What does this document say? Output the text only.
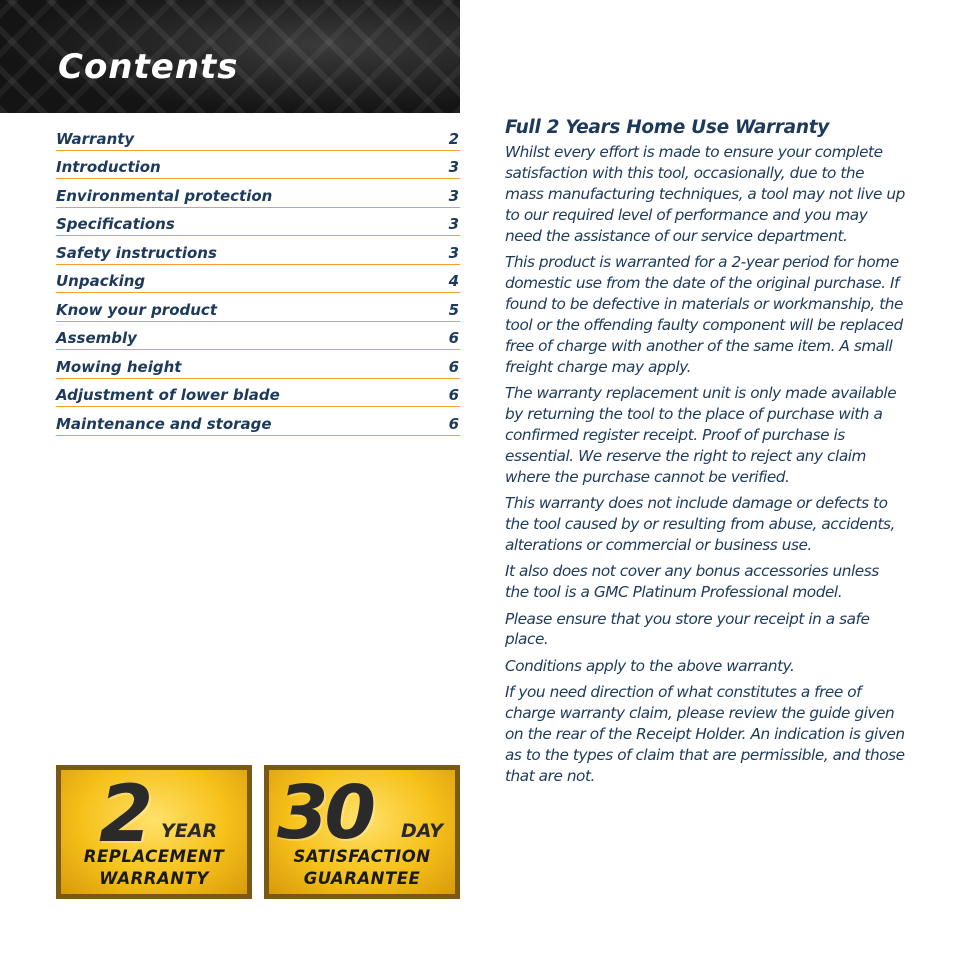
Contents
Warranty	2
Introduction	3
Environmental protection	3
Specifications	3
Safety instructions	3
Unpacking	4
Know your product	5
Assembly	6
Mowing height	6
Adjustment of lower blade	6
Maintenance and storage	6
Full 2 Years Home Use Warranty

Whilst every effort is made to ensure your complete satisfaction with this tool, occasionally, due to the mass manufacturing techniques, a tool may not live up to our required level of performance and you may need the assistance of our service department.

This product is warranted for a 2-year period for home domestic use from the date of the original purchase. If found to be defective in materials or workmanship, the tool or the offending faulty component will be replaced free of charge with another of the same item. A small freight charge may apply.

The warranty replacement unit is only made available by returning the tool to the place of purchase with a confirmed register receipt. Proof of purchase is essential. We reserve the right to reject any claim where the purchase cannot be verified.

This warranty does not include damage or defects to the tool caused by or resulting from abuse, accidents, alterations or commercial or business use.

It also does not cover any bonus accessories unless the tool is a GMC Platinum Professional model.

Please ensure that you store your receipt in a safe place.

Conditions apply to the above warranty.

If you need direction of what constitutes a free of charge warranty claim, please review the guide given on the rear of the Receipt Holder. An indication is given as to the types of claim that are permissible, and those that are not.

2 YEAR
REPLACEMENT
WARRANTY
30 DAY
SATISFACTION
GUARANTEE
